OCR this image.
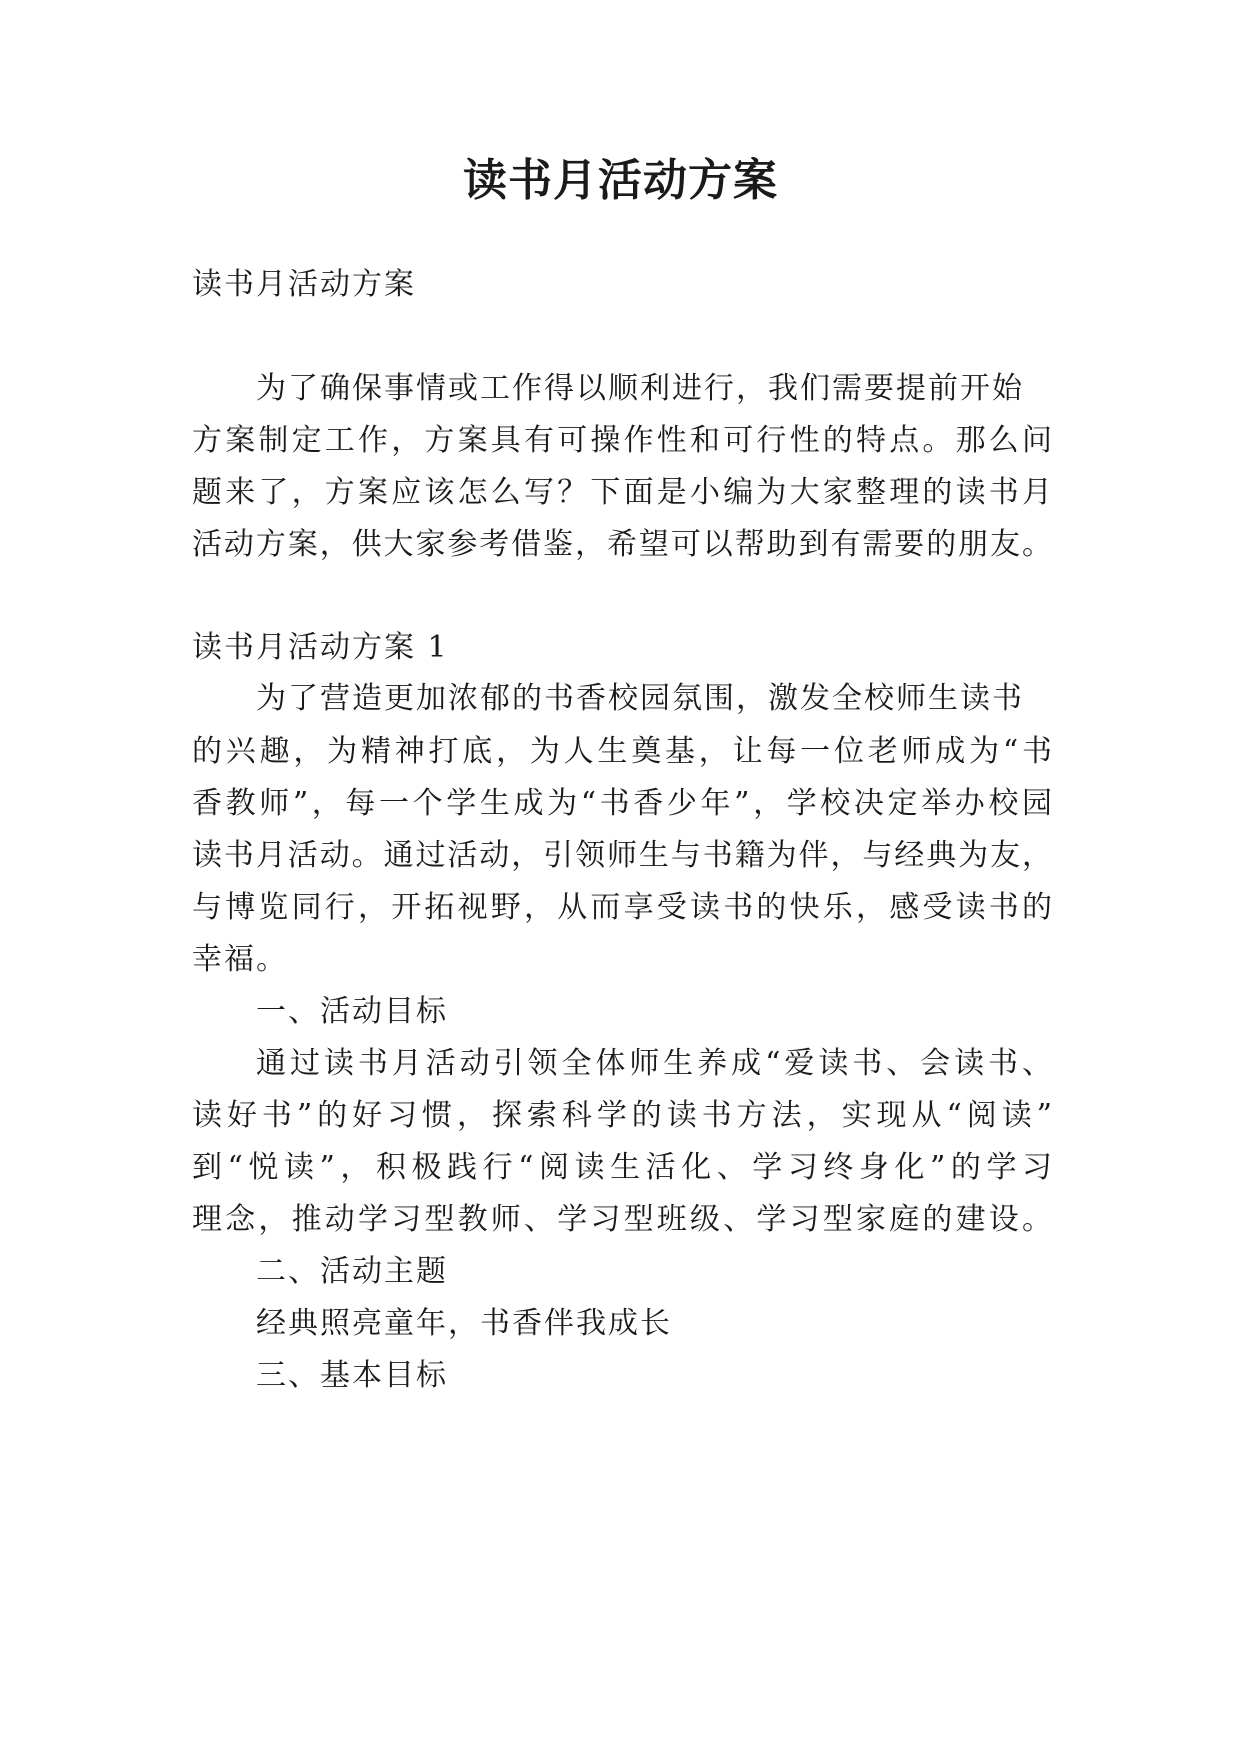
读书月活动方案

读书月活动方案

为了确保事情或工作得以顺利进行，我们需要提前开始

方案制定工作，方案具有可操作性和可行性的特点。那么问

题来了，方案应该怎么写？下面是小编为大家整理的读书月

活动方案，供大家参考借鉴，希望可以帮助到有需要的朋友。

读书月活动方案 1

为了营造更加浓郁的书香校园氛围，激发全校师生读书

的兴趣，为精神打底，为人生奠基，让每一位老师成为“书

香教师”，每一个学生成为“书香少年”，学校决定举办校园

读书月活动。通过活动，引领师生与书籍为伴，与经典为友，

与博览同行，开拓视野，从而享受读书的快乐，感受读书的

幸福。

一、活动目标

通过读书月活动引领全体师生养成“爱读书、会读书、

读好书”的好习惯，探索科学的读书方法，实现从“阅读”

到“悦读”，积极践行“阅读生活化、学习终身化”的学习

理念，推动学习型教师、学习型班级、学习型家庭的建设。

二、活动主题

经典照亮童年，书香伴我成长

三、基本目标
